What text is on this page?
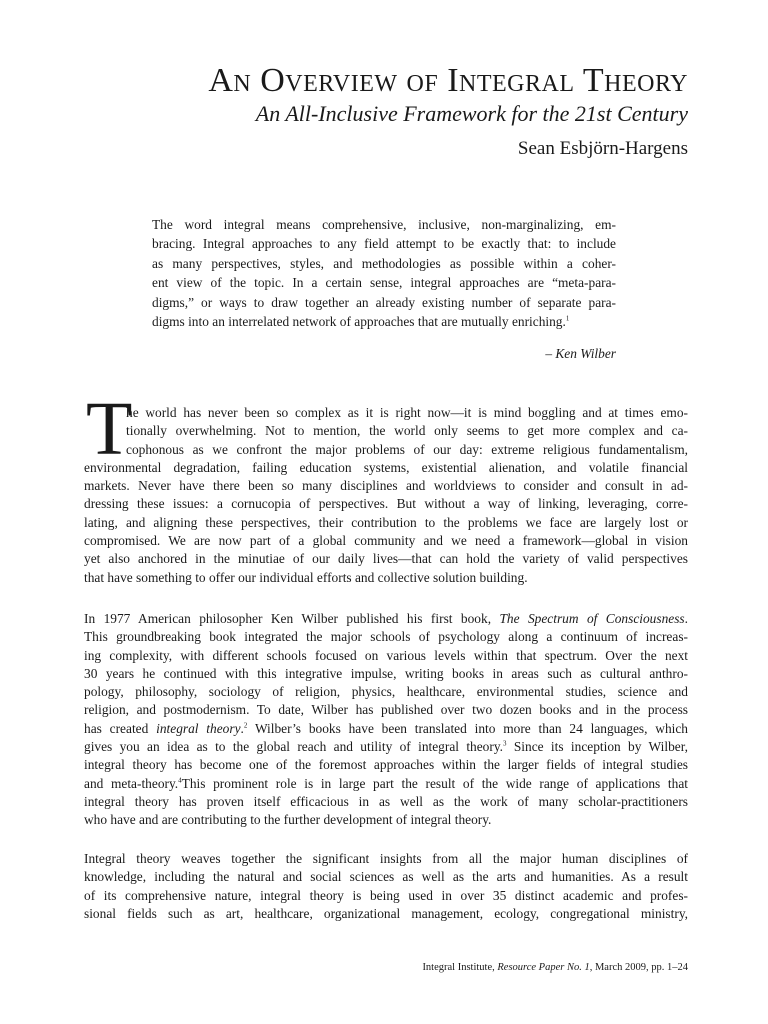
An Overview of Integral Theory
An All-Inclusive Framework for the 21st Century
Sean Esbjörn-Hargens
The word integral means comprehensive, inclusive, non-marginalizing, em-
bracing. Integral approaches to any field attempt to be exactly that: to include
as many perspectives, styles, and methodologies as possible within a coher-
ent view of the topic. In a certain sense, integral approaches are “meta-para-
digms,” or ways to draw together an already existing number of separate para-
digms into an interrelated network of approaches that are mutually enriching.$^1$
– Ken Wilber
T
he world has never been so complex as it is right now—it is mind boggling and at times emo-
tionally overwhelming. Not to mention, the world only seems to get more complex and ca-
cophonous as we confront the major problems of our day: extreme religious fundamentalism,
environmental degradation, failing education systems, existential alienation, and volatile financial
markets. Never have there been so many disciplines and worldviews to consider and consult in ad-
dressing these issues: a cornucopia of perspectives. But without a way of linking, leveraging, corre-
lating, and aligning these perspectives, their contribution to the problems we face are largely lost or
compromised. We are now part of a global community and we need a framework—global in vision
yet also anchored in the minutiae of our daily lives—that can hold the variety of valid perspectives
that have something to offer our individual efforts and collective solution building.
In 1977 American philosopher Ken Wilber published his first book, The Spectrum of Consciousness.
This groundbreaking book integrated the major schools of psychology along a continuum of increas-
ing complexity, with different schools focused on various levels within that spectrum. Over the next
30 years he continued with this integrative impulse, writing books in areas such as cultural anthro-
pology, philosophy, sociology of religion, physics, healthcare, environmental studies, science and
religion, and postmodernism. To date, Wilber has published over two dozen books and in the process
has created integral theory.$^2$ Wilber’s books have been translated into more than 24 languages, which
gives you an idea as to the global reach and utility of integral theory.$^3$ Since its inception by Wilber,
integral theory has become one of the foremost approaches within the larger fields of integral studies
and meta-theory.$^4$This prominent role is in large part the result of the wide range of applications that
integral theory has proven itself efficacious in as well as the work of many scholar-practitioners
who have and are contributing to the further development of integral theory.
Integral theory weaves together the significant insights from all the major human disciplines of
knowledge, including the natural and social sciences as well as the arts and humanities. As a result
of its comprehensive nature, integral theory is being used in over 35 distinct academic and profes-
sional fields such as art, healthcare, organizational management, ecology, congregational ministry,
Integral Institute, Resource Paper No. 1, March 2009, pp. 1–24
